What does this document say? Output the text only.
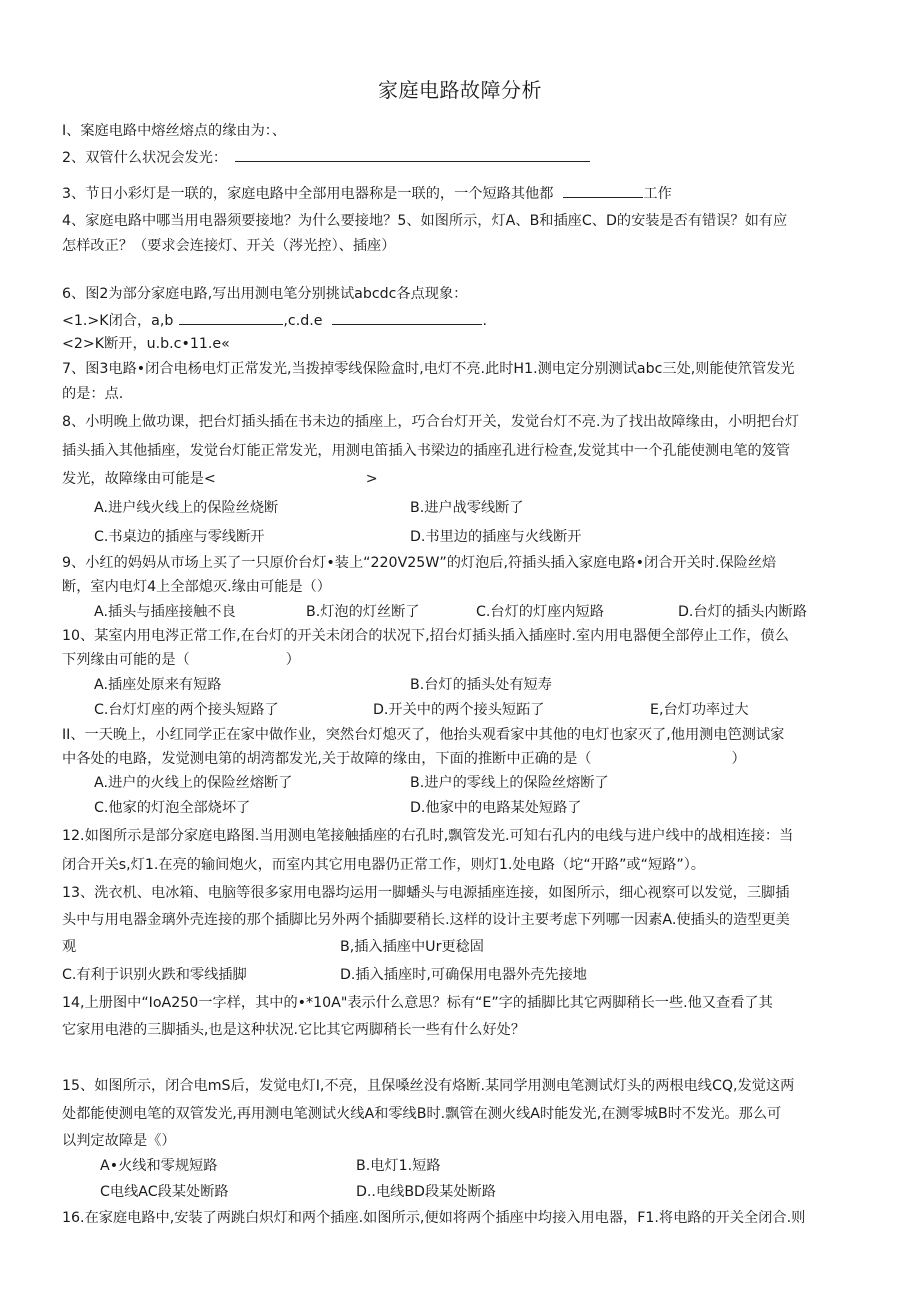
家庭电路故障分析
I、案庭电路中熔丝熔点的缘由为：、
2、双管什么状况会发光：
3、节日小彩灯是一联的，家庭电路中全部用电器称是一联的，一个短路其他都	工作
4、家庭电路中哪当用电器须要接地？为什么要接地？5、如图所示，灯A、B和插座C、D的安装是否有错误？如有应
怎样改正？（要求会连接灯、开关（涔光控）、插座）
6、图2为部分家庭电路,写出用测电笔分别挑试abcdc各点现象：
<1.>K闭合，a,b	,c.d.e	.
<2>K断开，u.b.c•11.e«
7、图3电路•闭合电杨电灯正常发光,当拨掉零线保险盒时,电灯不亮.此时H1.测电定分别测试abc三处,则能使笊管发光
的是：点.
8、小明晚上做功课，把台灯插头插在书未边的插座上，巧合台灯开关，发觉台灯不亮.为了找出故障缘由，小明把台灯
插头插入其他插座，发觉台灯能正常发光，用测电笛插入书梁边的插座孔进行检查,发觉其中一个孔能使测电笔的笈管
发光，故障缘由可能是<	>
A.进户线火线上的保险丝烧断	B.进户战零线断了
C.书桌边的插座与零线断开	D.书里边的插座与火线断开
9、小红的妈妈从市场上买了一只原价台灯•装上“220V25W”的灯泡后,符插头插入家庭电路•闭合开关时.保险丝焙
断，室内电灯4上全部熄灭.缘由可能是（）
A.插头与插座接触不良	B.灯泡的灯丝断了	C.台灯的灯座内短路	D.台灯的插头内断路
10、某室内用电涔正常工作,在台灯的开关未闭合的状况下,招台灯插头插入插座时.室内用电器便全部停止工作，偾么
下列缘由可能的是（	）
A.插座处原来有短路	B.台灯的插头处有短寿
C.台灯灯座的两个接头短路了	D.开关中的两个接头短跖了	E,台灯功率过大
II、一天晚上，小红同学正在家中做作业，突然台灯熄灭了，他抬头观看家中其他的电灯也家灭了,他用测电笆测试家
中各处的电路，发觉测电第的胡湾都发光,关于故障的缘由，下面的推断中正确的是（	）
A.进户的火线上的保险丝熔断了	B.进户的零线上的保险丝熔断了
C.他家的灯泡全部烧坏了	D.他家中的电路某处短路了
12.如图所示是部分家庭电路图.当用测电笔接触插座的右孔时,飘管发光.可知右孔内的电线与进户线中的战相连接：当
闭合开关s,灯1.在亮的输间炮火，而室内其它用电器仍正常工作，则灯1.处电路（坨“开路”或“短路”）。
13、洗衣机、电冰箱、电脑等很多家用电器均运用一脚蟠头与电源插座连接，如图所示，细心视察可以发觉，三脚插
头中与用电器金璃外壳连接的那个插脚比另外两个插脚要稍长.这样的设计主要考虑下列哪一因素A.使插头的造型更美
观	B,插入插座中Ur更稔固
C.有利于识别火跌和零线插脚	D.插入插座时,可确保用电器外壳先接地
14,上册图中“IoA250一字样，其中的•*10A"表示什么意思？标有“E”字的插脚比其它两脚稍长一些.他又查看了其
它家用电港的三脚插头,也是这种状况.它比其它两脚稍长一些有什么好处？
15、如图所示，闭合电mS后，发觉电灯I,不亮，且保嗓丝没有烙断.某同学用测电笔测试灯头的两根电线CQ,发觉这两
处都能使测电笔的双管发光,再用测电笔测试火线A和零线B时.飘管在测火线A时能发光,在测零城B时不发光。那么可
以判定故障是《）
A•火线和零规短路	B.电灯1.短路
C电线AC段某处断路	D..电线BD段某处断路
16.在家庭电路中,安装了两跳白炽灯和两个插座.如图所示,便如将两个插座中均接入用电器，F1.将电路的开关全闭合.则
